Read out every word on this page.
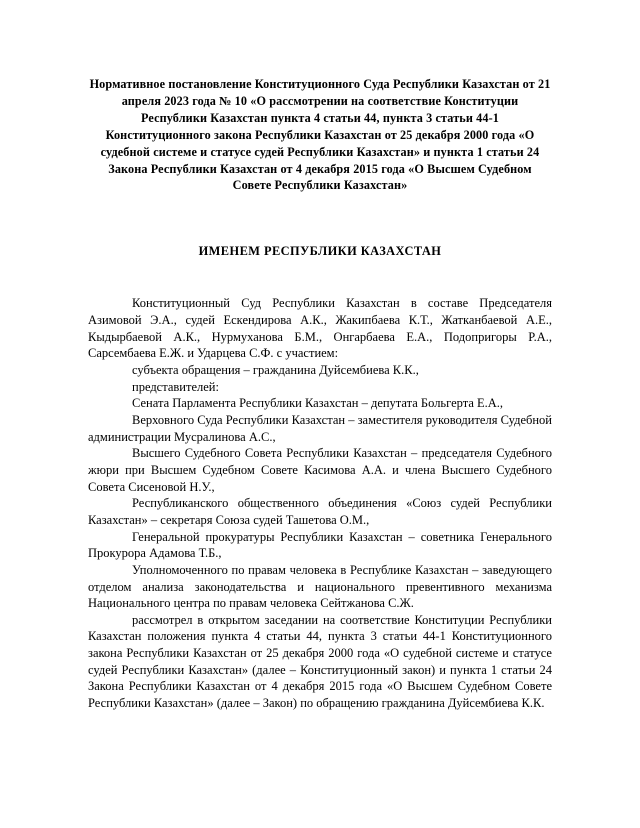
Нормативное постановление Конституционного Суда Республики Казахстан от 21 апреля 2023 года № 10 «О рассмотрении на соответствие Конституции Республики Казахстан пункта 4 статьи 44, пункта 3 статьи 44-1 Конституционного закона Республики Казахстан от 25 декабря 2000 года «О судебной системе и статусе судей Республики Казахстан» и пункта 1 статьи 24 Закона Республики Казахстан от 4 декабря 2015 года «О Высшем Судебном Совете Республики Казахстан»
ИМЕНЕМ РЕСПУБЛИКИ КАЗАХСТАН

Конституционный Суд Республики Казахстан в составе Председателя Азимовой Э.А., судей Ескендирова А.К., Жакипбаева К.Т., Жатканбаевой А.Е., Кыдырбаевой А.К., Нурмуханова Б.М., Онгарбаева Е.А., Подопригоры Р.А., Сарсембаева Е.Ж. и Ударцева С.Ф. с участием:

субъекта обращения – гражданина Дуйсембиева К.К.,

представителей:

Сената Парламента Республики Казахстан – депутата Больгерта Е.А.,

Верховного Суда Республики Казахстан – заместителя руководителя Судебной администрации Мусралинова А.С.,

Высшего Судебного Совета Республики Казахстан – председателя Судебного жюри при Высшем Судебном Совете Касимова А.А. и члена Высшего Судебного Совета Сисеновой Н.У.,

Республиканского общественного объединения «Союз судей Республики Казахстан» – секретаря Союза судей Ташетова О.М.,

Генеральной прокуратуры Республики Казахстан – советника Генерального Прокурора Адамова Т.Б.,

Уполномоченного по правам человека в Республике Казахстан – заведующего отделом анализа законодательства и национального превентивного механизма Национального центра по правам человека Сейтжанова С.Ж.

рассмотрел в открытом заседании на соответствие Конституции Республики Казахстан положения пункта 4 статьи 44, пункта 3 статьи 44-1 Конституционного закона Республики Казахстан от 25 декабря 2000 года «О судебной системе и статусе судей Республики Казахстан» (далее – Конституционный закон) и пункта 1 статьи 24 Закона Республики Казахстан от 4 декабря 2015 года «О Высшем Судебном Совете Республики Казахстан» (далее – Закон) по обращению гражданина Дуйсембиева К.К.
